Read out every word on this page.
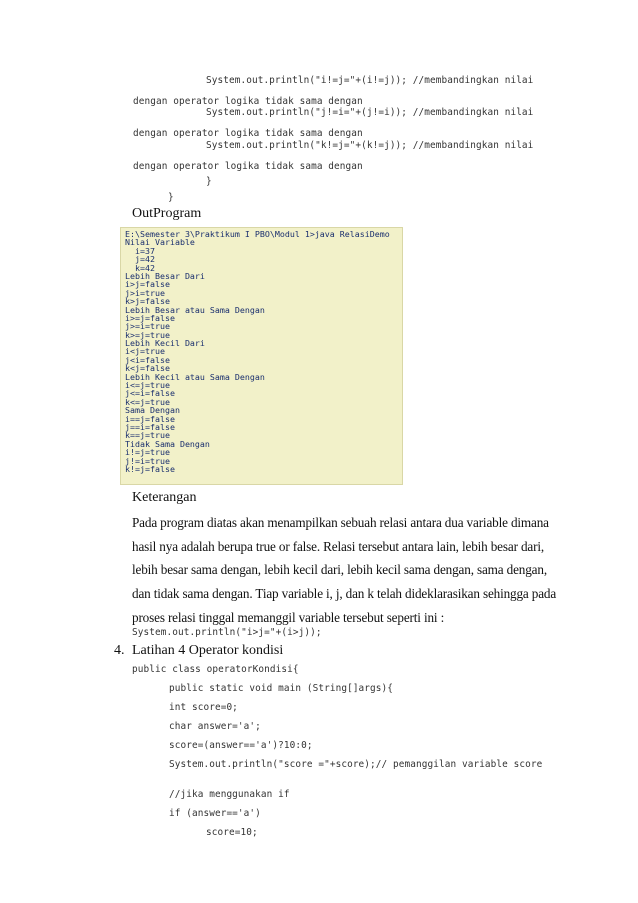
System.out.println("i!=j="+(i!=j)); //membandingkan nilai
dengan operator logika tidak sama dengan
System.out.println("j!=i="+(j!=i)); //membandingkan nilai
dengan operator logika tidak sama dengan
System.out.println("k!=j="+(k!=j)); //membandingkan nilai
dengan operator logika tidak sama dengan
}
}
OutProgram
E:\Semester 3\Praktikum I PBO\Modul 1>java RelasiDemo
Nilai Variable
i=37
j=42
k=42
Lebih Besar Dari
i>j=false
j>i=true
k>j=false
Lebih Besar atau Sama Dengan
i>=j=false
j>=i=true
k>=j=true
Lebih Kecil Dari
i<j=true
j<i=false
k<j=false
Lebih Kecil atau Sama Dengan
i<=j=true
j<=i=false
k<=j=true
Sama Dengan
i==j=false
j==i=false
k==j=true
Tidak Sama Dengan
i!=j=true
j!=i=true
k!=j=false
Keterangan
Pada program diatas akan menampilkan sebuah relasi antara dua variable dimana
hasil nya adalah berupa true or false. Relasi tersebut antara lain, lebih besar dari,
lebih besar sama dengan, lebih kecil dari, lebih kecil sama dengan, sama dengan,
dan tidak sama dengan. Tiap variable i, j, dan k telah dideklarasikan sehingga pada
proses relasi tinggal memanggil variable tersebut seperti ini :
System.out.println("i>j="+(i>j));
4. Latihan 4 Operator kondisi
public class operatorKondisi{
public static void main (String[]args){
int score=0;
char answer='a';
score=(answer=='a')?10:0;
System.out.println("score ="+score);// pemanggilan variable score
//jika menggunakan if
if (answer=='a')
score=10;
